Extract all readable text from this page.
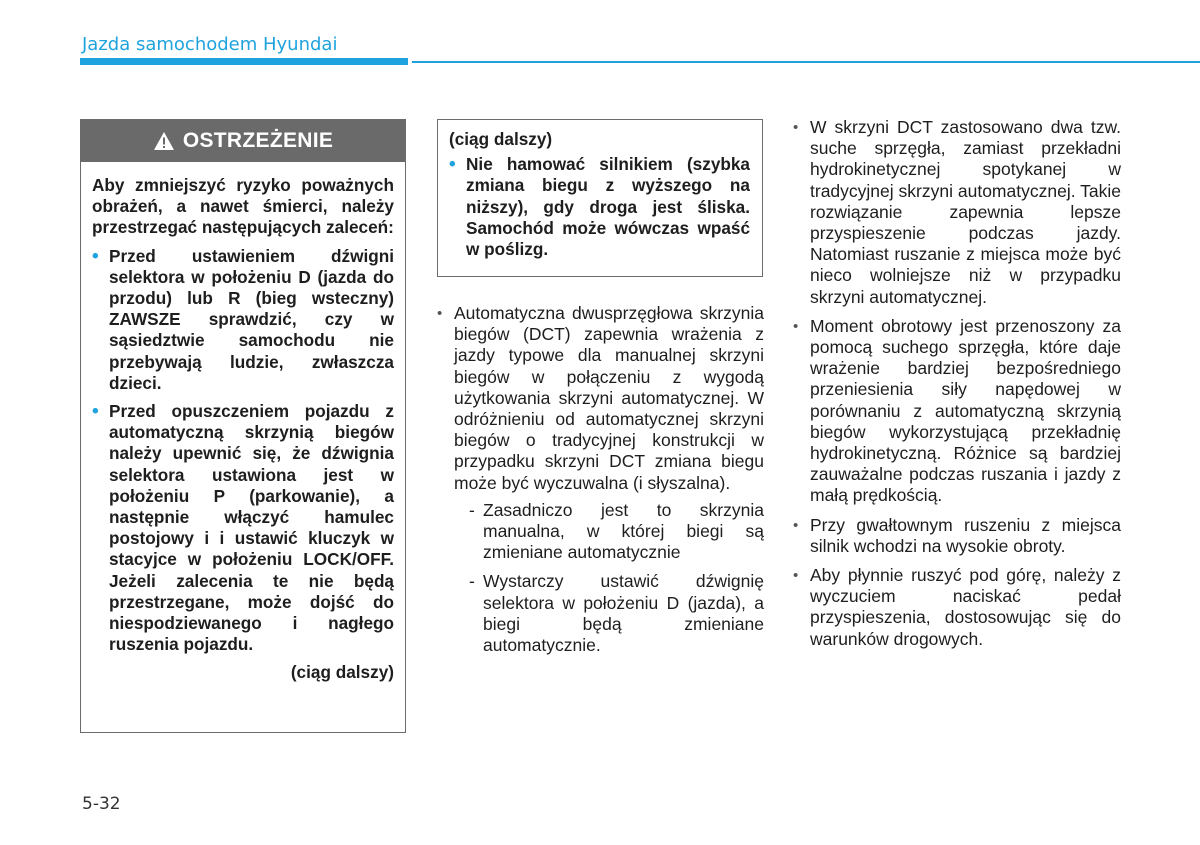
Jazda samochodem Hyundai
OSTRZEŻENIE

Aby zmniejszyć ryzyko poważnych obrażeń, a nawet śmierci, należy przestrzegać następujących zaleceń:

• Przed ustawieniem dźwigni selektora w położeniu D (jazda do przodu) lub R (bieg wsteczny) ZAWSZE sprawdzić, czy w sąsiedztwie samochodu nie przebywają ludzie, zwłaszcza dzieci.
• Przed opuszczeniem pojazdu z automatyczną skrzynią biegów należy upewnić się, że dźwignia selektora ustawiona jest w położeniu P (parkowanie), a następnie włączyć hamulec postojowy i i ustawić kluczyk w stacyjce w położeniu LOCK/OFF. Jeżeli zalecenia te nie będą przestrzegane, może dojść do niespodziewanego i nagłego ruszenia pojazdu.
(ciąg dalszy)
(ciąg dalszy)
• Nie hamować silnikiem (szybka zmiana biegu z wyższego na niższy), gdy droga jest śliska. Samochód może wówczas wpaść w poślizg.
• Automatyczna dwusprzęgłowa skrzynia biegów (DCT) zapewnia wrażenia z jazdy typowe dla manualnej skrzyni biegów w połączeniu z wygodą użytkowania skrzyni automatycznej. W odróżnieniu od automatycznej skrzyni biegów o tradycyjnej konstrukcji w przypadku skrzyni DCT zmiana biegu może być wyczuwalna (i słyszalna).
- Zasadniczo jest to skrzynia manualna, w której biegi są zmieniane automatycznie
- Wystarczy ustawić dźwignię selektora w położeniu D (jazda), a biegi będą zmieniane automatycznie.
• W skrzyni DCT zastosowano dwa tzw. suche sprzęgła, zamiast przekładni hydrokinetycznej spotykanej w tradycyjnej skrzyni automatycznej. Takie rozwiązanie zapewnia lepsze przyspieszenie podczas jazdy. Natomiast ruszanie z miejsca może być nieco wolniejsze niż w przypadku skrzyni automatycznej.
• Moment obrotowy jest przenoszony za pomocą suchego sprzęgła, które daje wrażenie bardziej bezpośredniego przeniesienia siły napędowej w porównaniu z automatyczną skrzynią biegów wykorzystującą przekładnię hydrokinetyczną. Różnice są bardziej zauważalne podczas ruszania i jazdy z małą prędkością.
• Przy gwałtownym ruszeniu z miejsca silnik wchodzi na wysokie obroty.
• Aby płynnie ruszyć pod górę, należy z wyczuciem naciskać pedał przyspieszenia, dostosowując się do warunków drogowych.
5-32
